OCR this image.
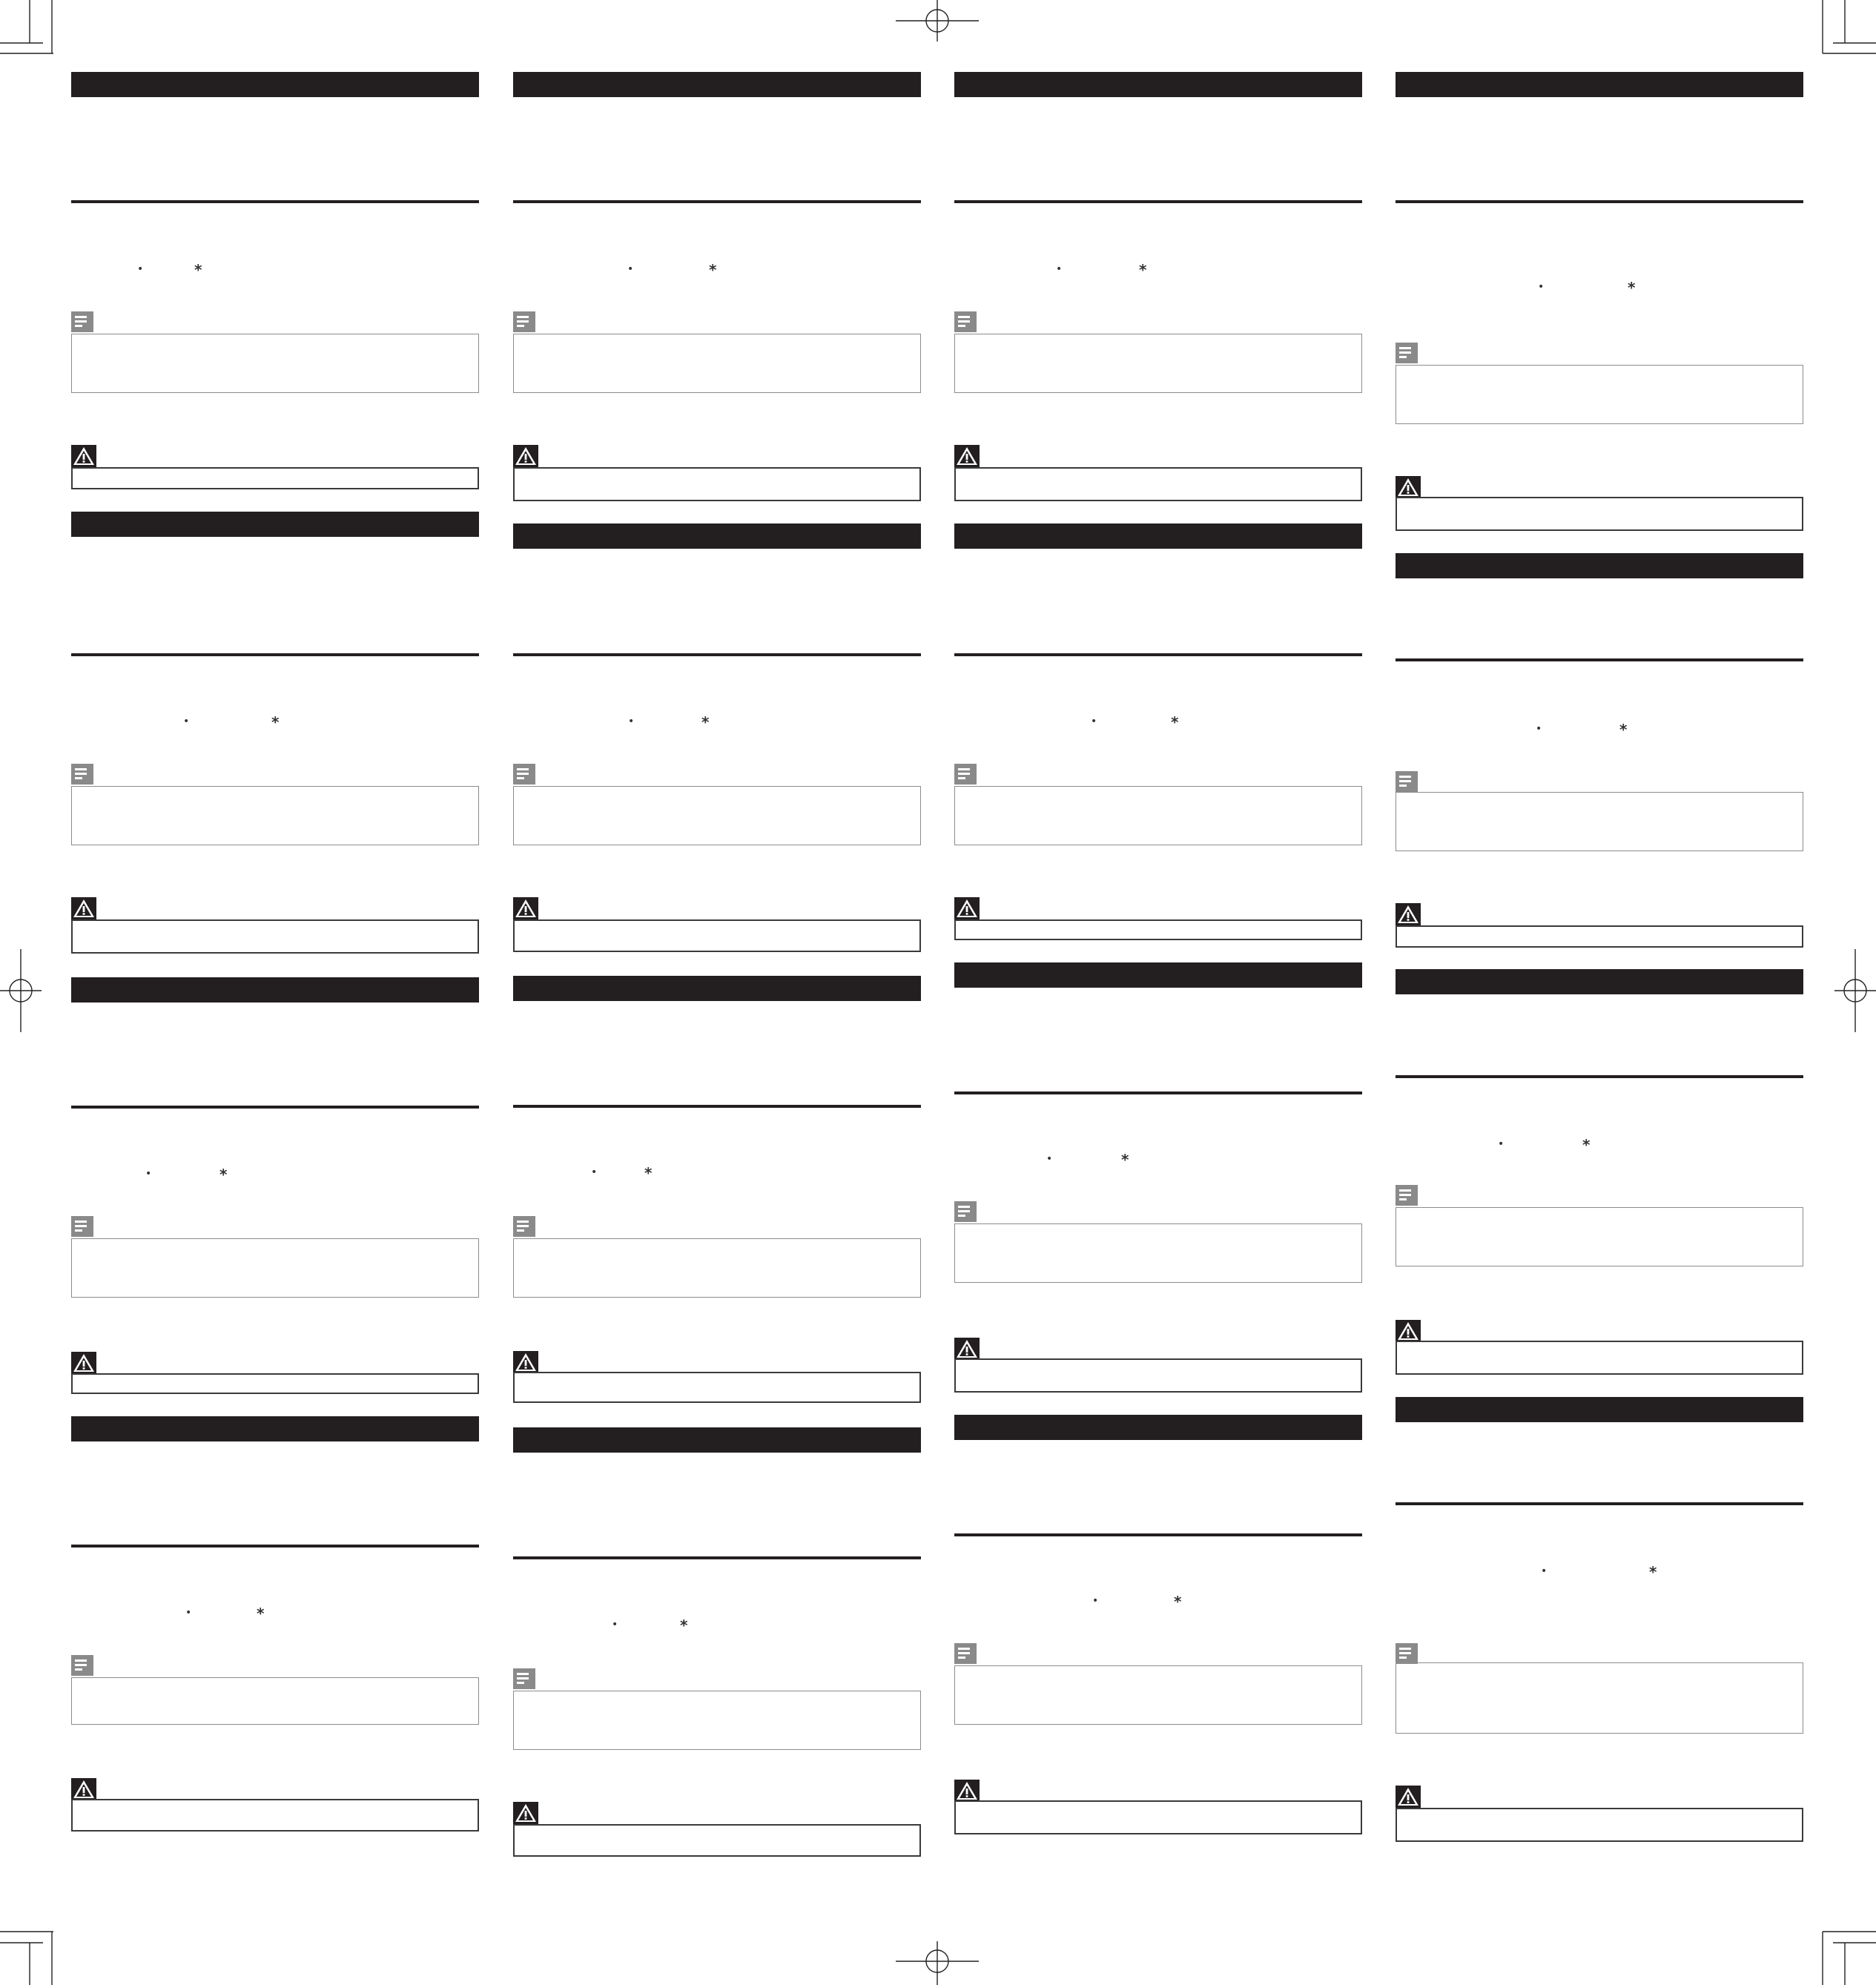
•	*
•	*
•	*
•	*
•	*
•	*
•	*
•	*
•	*
•	*
•	*
•	*
•	*
•	*
•	*
•	*
